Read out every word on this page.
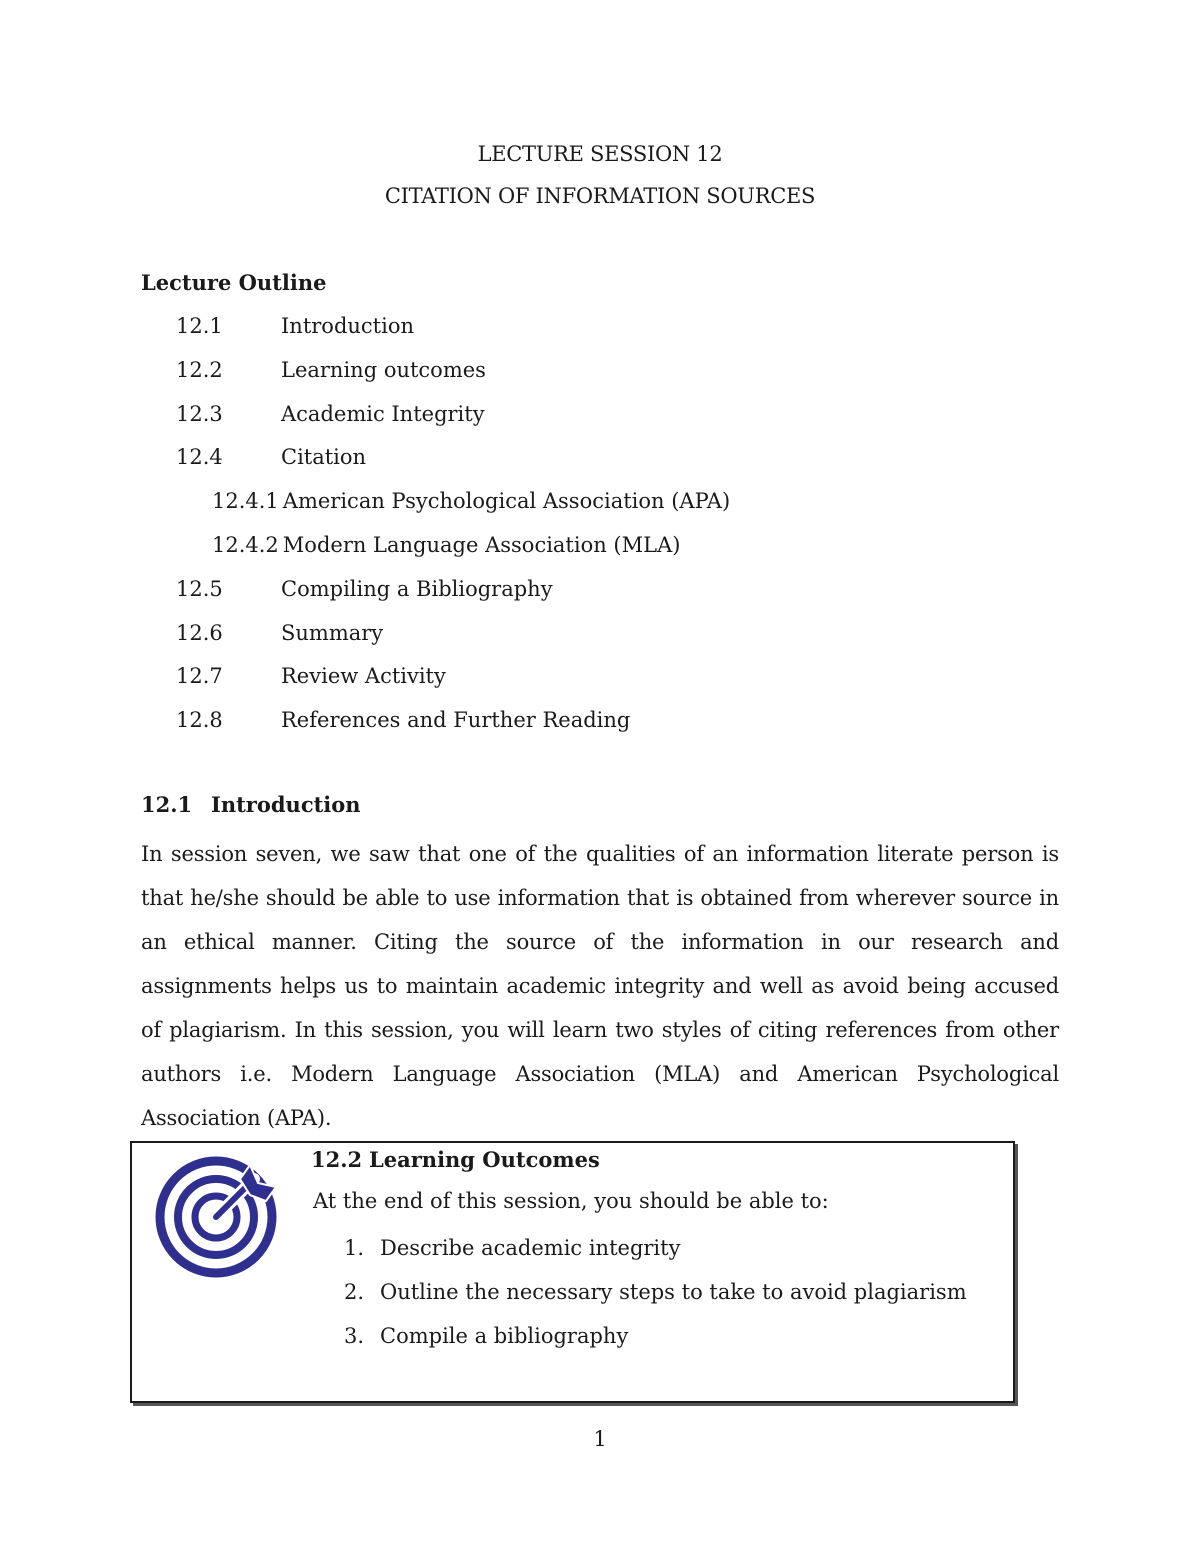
LECTURE SESSION 12
CITATION OF INFORMATION SOURCES
Lecture Outline
12.1	Introduction
12.2	Learning outcomes
12.3	Academic Integrity
12.4	Citation
12.4.1 American Psychological Association (APA)
12.4.2 Modern Language Association (MLA)
12.5	Compiling a Bibliography
12.6	Summary
12.7	Review Activity
12.8	References and Further Reading
12.1 Introduction

In session seven, we saw that one of the qualities of an information literate person is that he/she should be able to use information that is obtained from wherever source in an ethical manner. Citing the source of the information in our research and assignments helps us to maintain academic integrity and well as avoid being accused of plagiarism. In this session, you will learn two styles of citing references from other authors i.e. Modern Language Association (MLA) and American Psychological Association (APA).

12.2 Learning Outcomes
At the end of this session, you should be able to:
1. Describe academic integrity
2. Outline the necessary steps to take to avoid plagiarism
3. Compile a bibliography
1
